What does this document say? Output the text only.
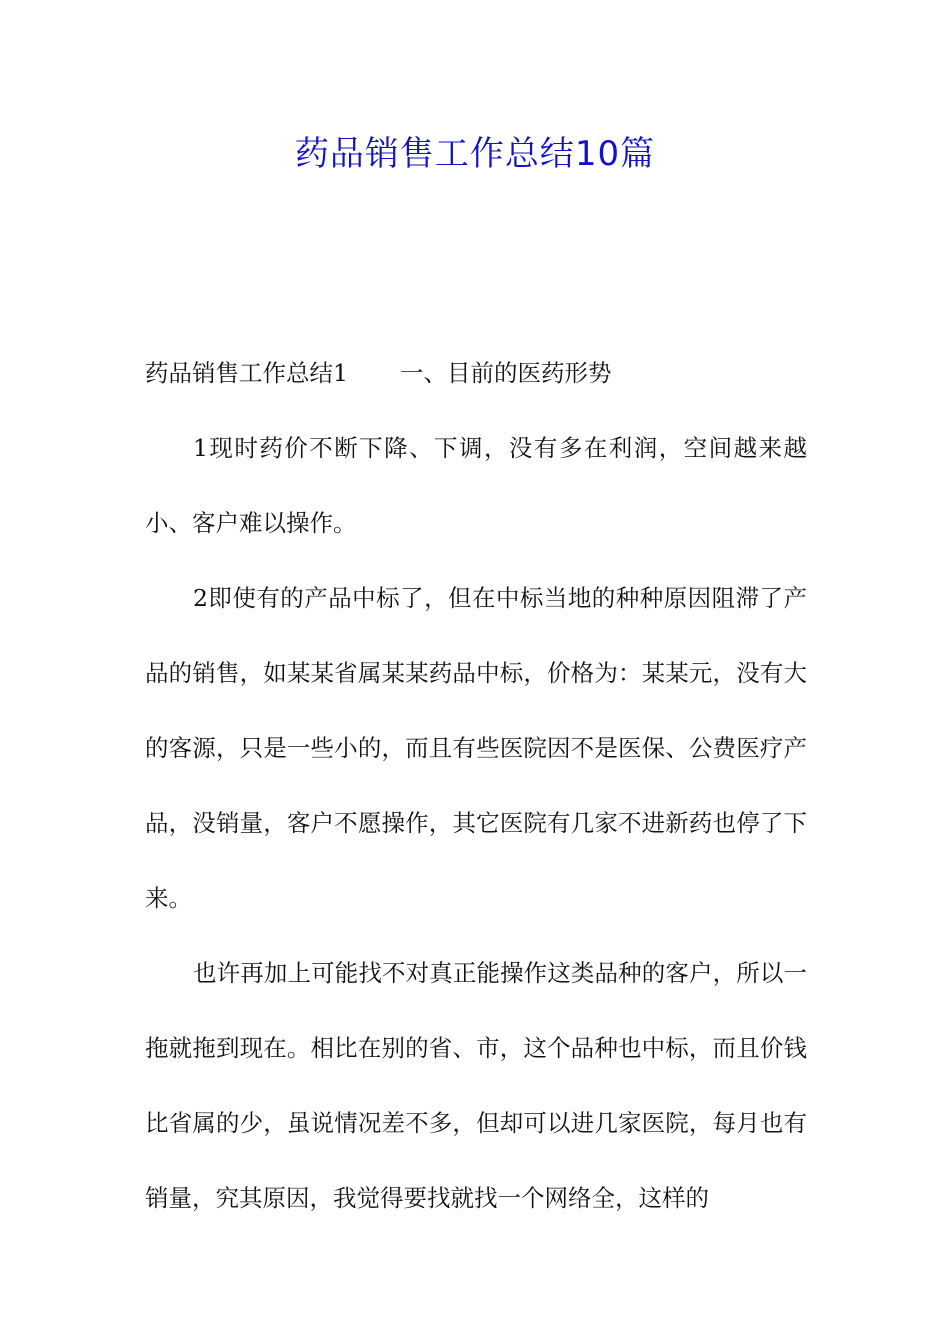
药品销售工作总结10篇

药品销售工作总结1 一、目前的医药形势

1现时药价不断下降、下调，没有多在利润，空间越来越小、客户难以操作。

2即使有的产品中标了，但在中标当地的种种原因阻滞了产品的销售，如某某省属某某药品中标，价格为：某某元，没有大的客源，只是一些小的，而且有些医院因不是医保、公费医疗产品，没销量，客户不愿操作，其它医院有几家不进新药也停了下来。

也许再加上可能找不对真正能操作这类品种的客户，所以一拖就拖到现在。相比在别的省、市，这个品种也中标，而且价钱比省属的少，虽说情况差不多，但却可以进几家医院，每月也有销量，究其原因，我觉得要找就找一个网络全，这样的
